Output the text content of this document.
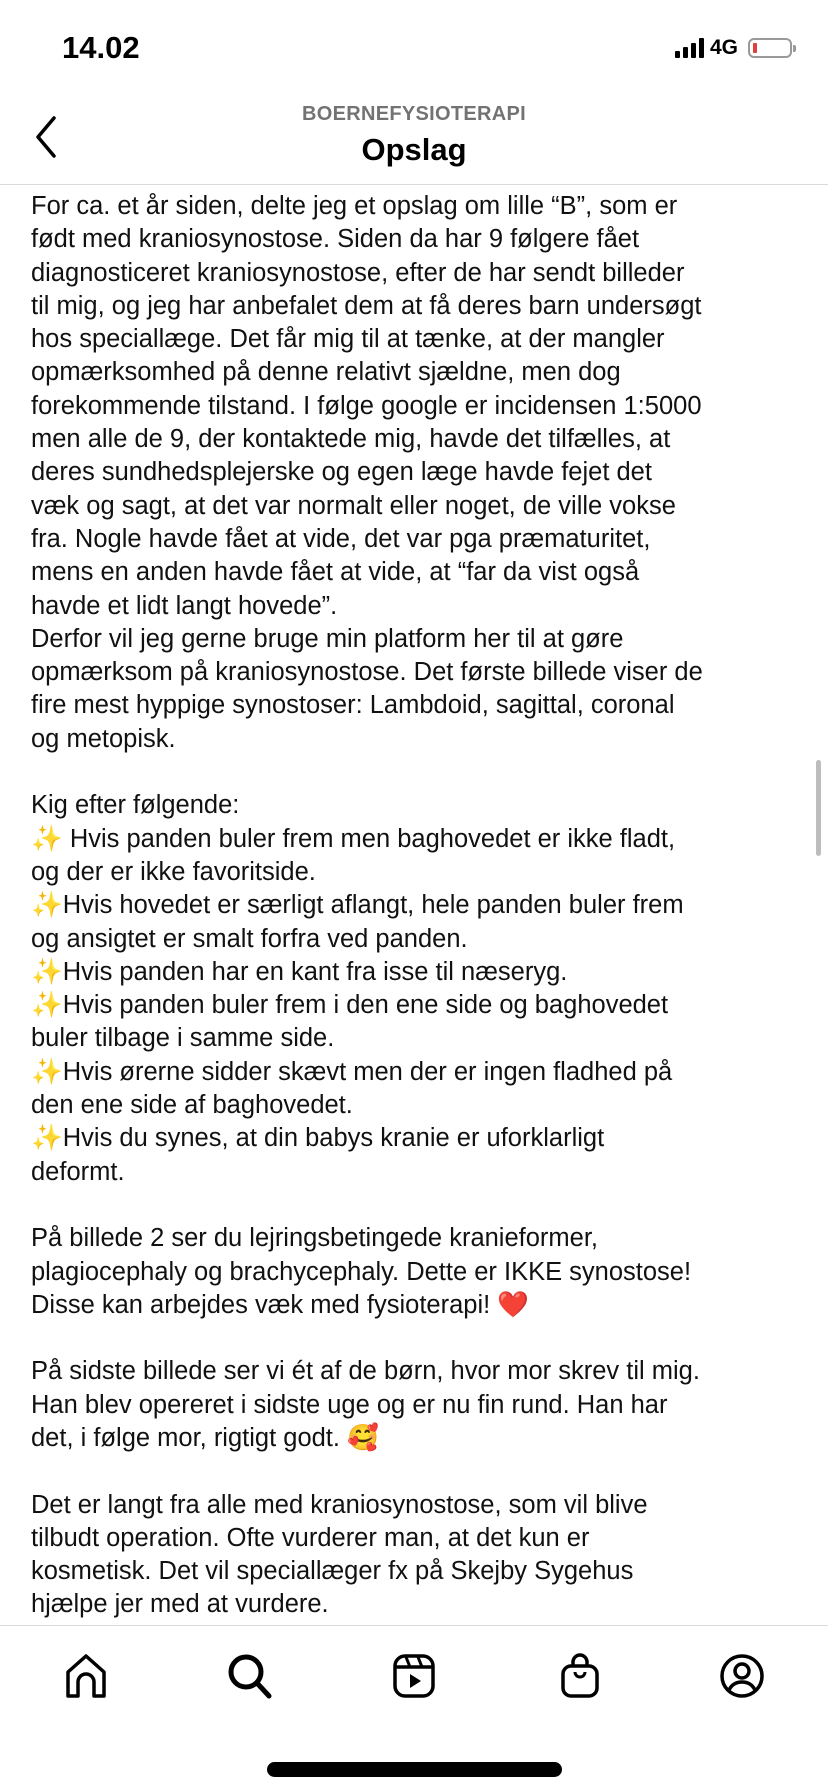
14.02	4G
BOERNEFYSIOTERAPI
Opslag
For ca. et år siden, delte jeg et opslag om lille “B”, som er
født med kraniosynostose. Siden da har 9 følgere fået
diagnosticeret kraniosynostose, efter de har sendt billeder
til mig, og jeg har anbefalet dem at få deres barn undersøgt
hos speciallæge. Det får mig til at tænke, at der mangler
opmærksomhed på denne relativt sjældne, men dog
forekommende tilstand. I følge google er incidensen 1:5000
men alle de 9, der kontaktede mig, havde det tilfælles, at
deres sundhedsplejerske og egen læge havde fejet det
væk og sagt, at det var normalt eller noget, de ville vokse
fra. Nogle havde fået at vide, det var pga præmaturitet,
mens en anden havde fået at vide, at “far da vist også
havde et lidt langt hovede”.
Derfor vil jeg gerne bruge min platform her til at gøre
opmærksom på kraniosynostose. Det første billede viser de
fire mest hyppige synostoser: Lambdoid, sagittal, coronal
og metopisk.
Kig efter følgende:
✨ Hvis panden buler frem men baghovedet er ikke fladt,
og der er ikke favoritside.
✨Hvis hovedet er særligt aflangt, hele panden buler frem
og ansigtet er smalt forfra ved panden.
✨Hvis panden har en kant fra isse til næseryg.
✨Hvis panden buler frem i den ene side og baghovedet
buler tilbage i samme side.
✨Hvis ørerne sidder skævt men der er ingen fladhed på
den ene side af baghovedet.
✨Hvis du synes, at din babys kranie er uforklarligt
deformt.
På billede 2 ser du lejringsbetingede kranieformer,
plagiocephaly og brachycephaly. Dette er IKKE synostose!
Disse kan arbejdes væk med fysioterapi! ❤️
På sidste billede ser vi ét af de børn, hvor mor skrev til mig.
Han blev opereret i sidste uge og er nu fin rund. Han har
det, i følge mor, rigtigt godt. 🥰
Det er langt fra alle med kraniosynostose, som vil blive
tilbudt operation. Ofte vurderer man, at det kun er
kosmetisk. Det vil speciallæger fx på Skejby Sygehus
hjælpe jer med at vurdere.
